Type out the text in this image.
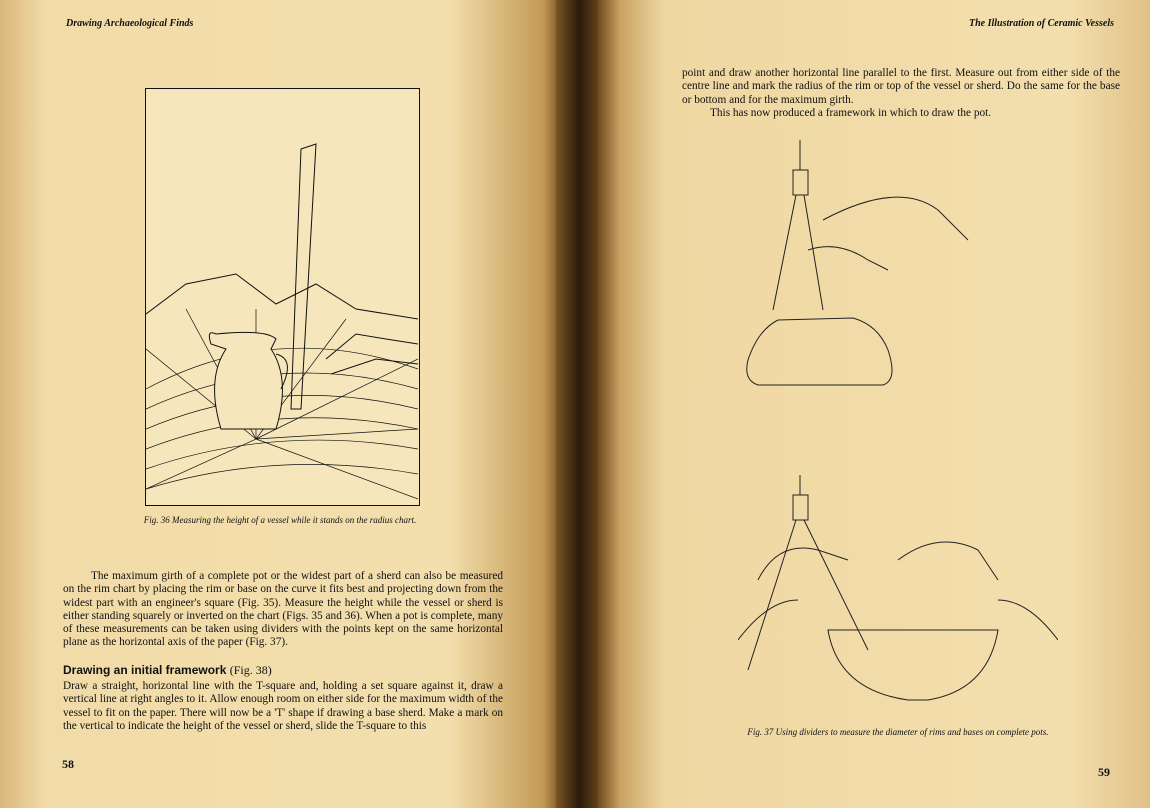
Drawing Archaeological Finds
Fig. 36 Measuring the height of a vessel while it stands on the radius chart.

The maximum girth of a complete pot or the widest part of a sherd can also be measured on the rim chart by placing the rim or base on the curve it fits best and projecting down from the widest part with an engineer's square (Fig. 35). Measure the height while the vessel or sherd is either standing squarely or inverted on the chart (Figs. 35 and 36). When a pot is complete, many of these measurements can be taken using dividers with the points kept on the same horizontal plane as the horizontal axis of the paper (Fig. 37).

Drawing an initial framework (Fig. 38)

Draw a straight, horizontal line with the T-square and, holding a set square against it, draw a vertical line at right angles to it. Allow enough room on either side for the maximum width of the vessel to fit on the paper. There will now be a 'T' shape if drawing a base sherd. Make a mark on the vertical to indicate the height of the vessel or sherd, slide the T-square to this

58
The Illustration of Ceramic Vessels

point and draw another horizontal line parallel to the first. Measure out from either side of the centre line and mark the radius of the rim or top of the vessel or sherd. Do the same for the base or bottom and for the maximum girth.

This has now produced a framework in which to draw the pot.

Fig. 37 Using dividers to measure the diameter of rims and bases on complete pots.
59
